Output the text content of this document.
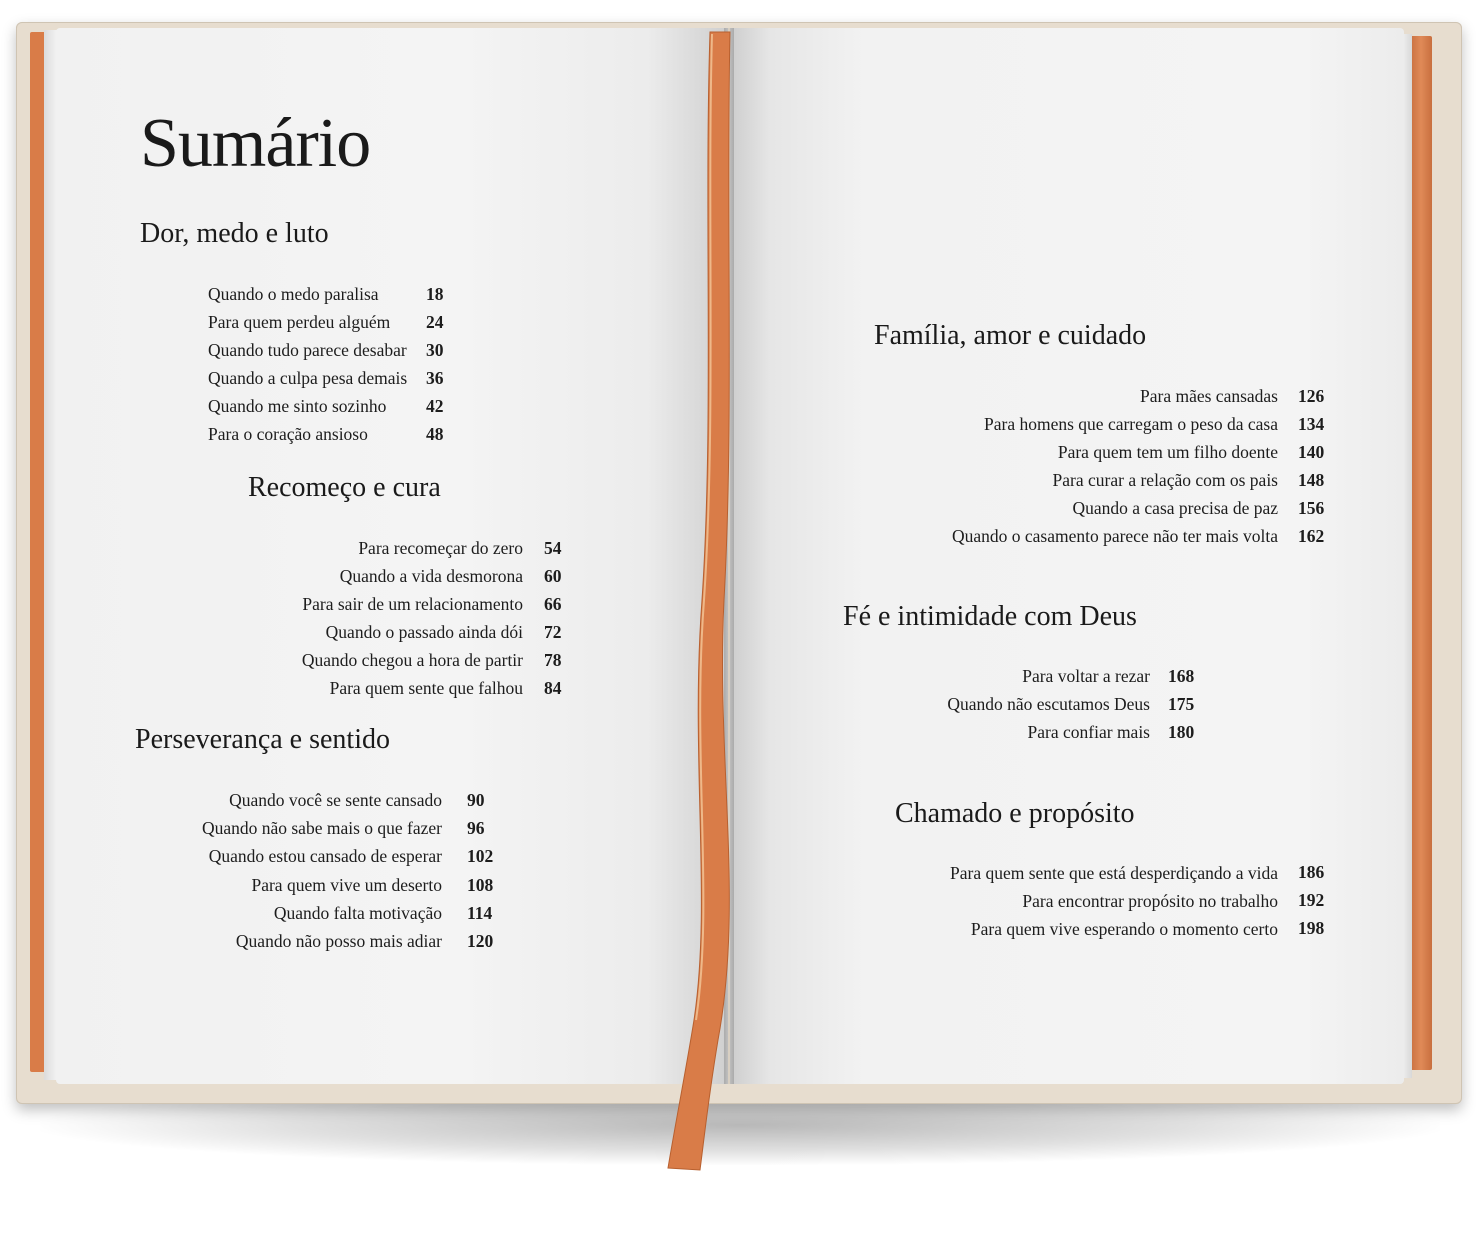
Sumário
Dor, medo e luto
Quando o medo paralisa	18
Para quem perdeu alguém 24
Quando tudo parece desabar 30
Quando a culpa pesa demais 36
Quando me sinto sozinho 42
Para o coração ansioso	48
Recomeço e cura
Para recomeçar do zero 54
Quando a vida desmorona 60
Para sair de um relacionamento 66
Quando o passado ainda dói 72
Quando chegou a hora de partir 78
Para quem sente que falhou 84
Perseverança e sentido
Quando você se sente cansado 90
Quando não sabe mais o que fazer 96
Quando estou cansado de esperar 102
Para quem vive um deserto 108
Quando falta motivação 114
Quando não posso mais adiar 120
Família, amor e cuidado
Para mães cansadas 126
Para homens que carregam o peso da casa 134
Para quem tem um filho doente 140
Para curar a relação com os pais 148
Quando a casa precisa de paz 156
Quando o casamento parece não ter mais volta 162
Fé e intimidade com Deus
Para voltar a rezar 168
Quando não escutamos Deus 175
Para confiar mais 180
Chamado e propósito
Para quem sente que está desperdiçando a vida 186
Para encontrar propósito no trabalho 192
Para quem vive esperando o momento certo 198
